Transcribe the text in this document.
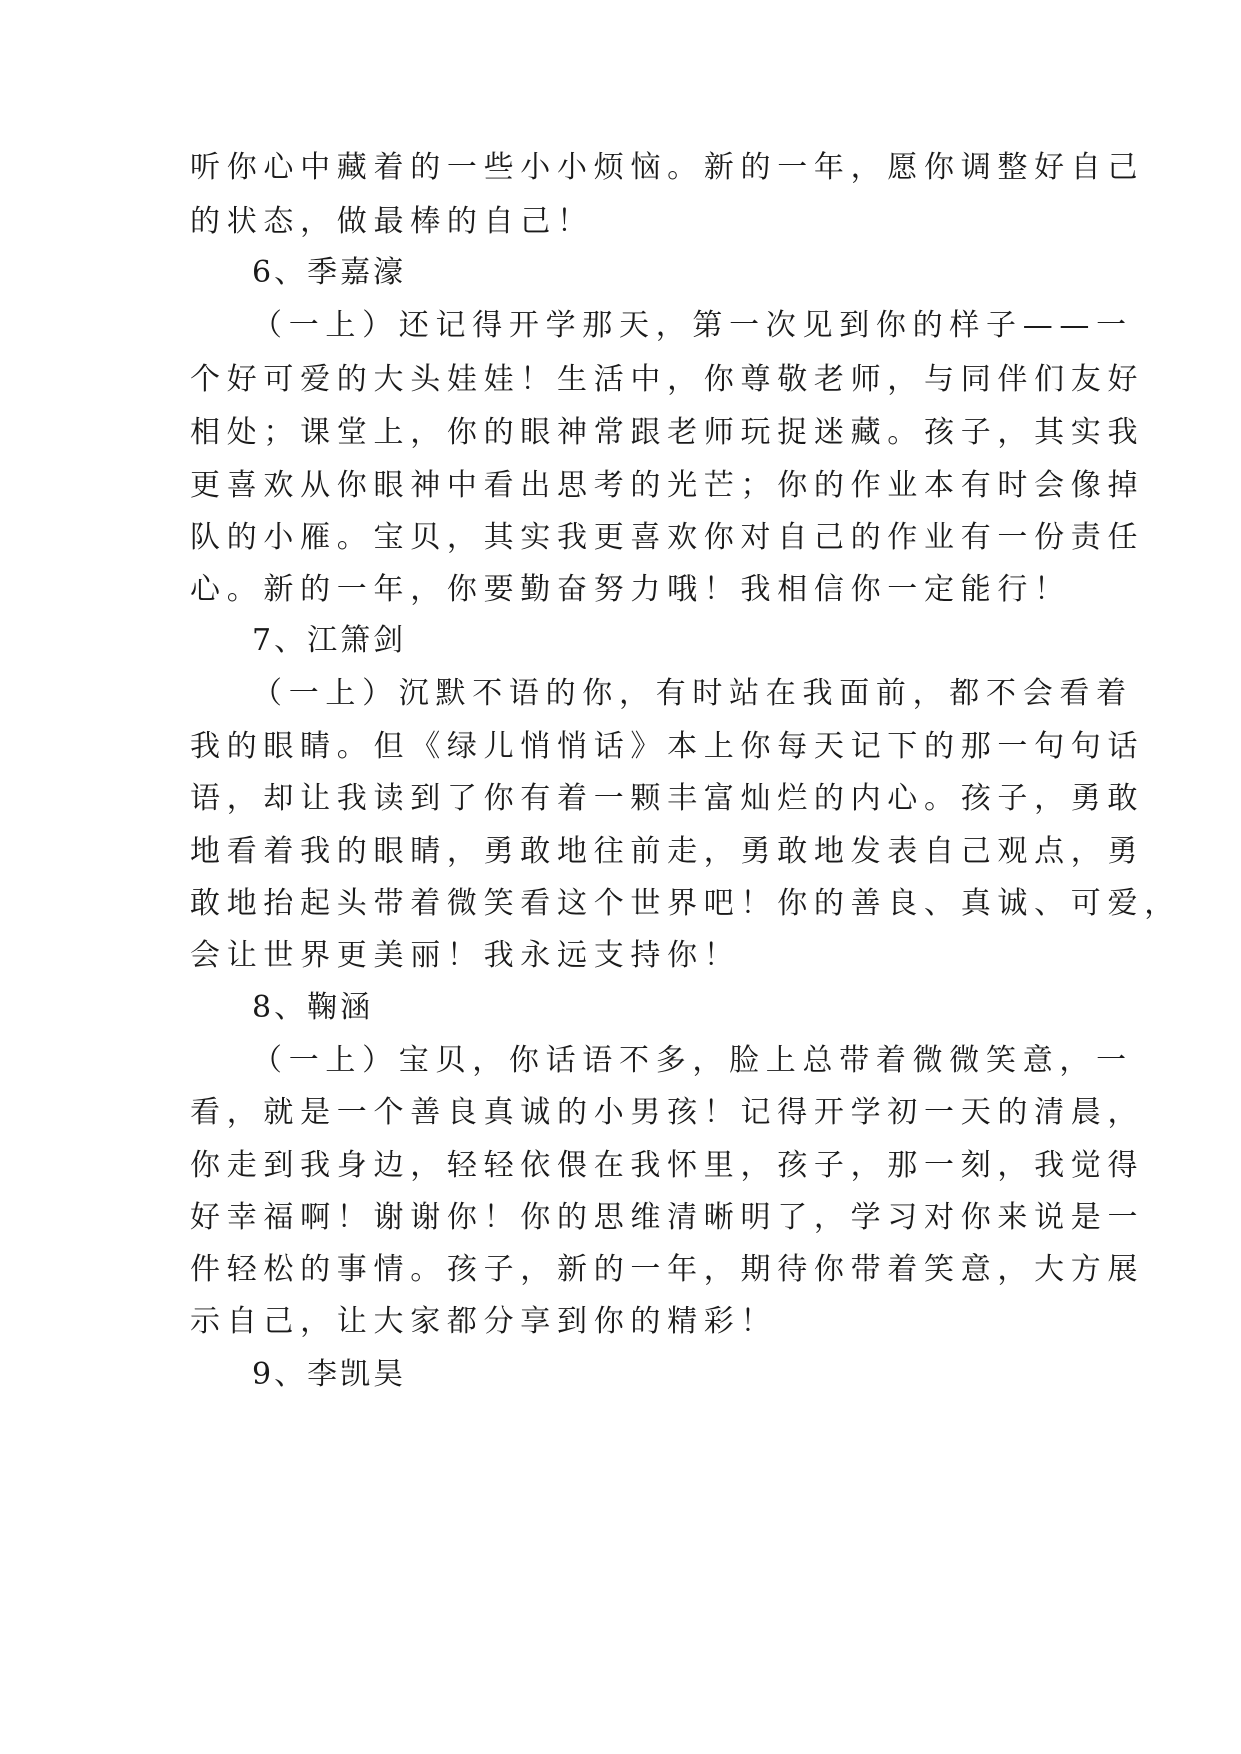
听你心中藏着的一些小小烦恼。新的一年，愿你调整好自己
的状态，做最棒的自己！
6、季嘉濠
（一上）还记得开学那天，第一次见到你的样子——一
个好可爱的大头娃娃！生活中，你尊敬老师，与同伴们友好
相处；课堂上，你的眼神常跟老师玩捉迷藏。孩子，其实我
更喜欢从你眼神中看出思考的光芒；你的作业本有时会像掉
队的小雁。宝贝，其实我更喜欢你对自己的作业有一份责任
心。新的一年，你要勤奋努力哦！我相信你一定能行！
7、江箫剑
（一上）沉默不语的你，有时站在我面前，都不会看着
我的眼睛。但《绿儿悄悄话》本上你每天记下的那一句句话
语，却让我读到了你有着一颗丰富灿烂的内心。孩子，勇敢
地看着我的眼睛，勇敢地往前走，勇敢地发表自己观点，勇
敢地抬起头带着微笑看这个世界吧！你的善良、真诚、可爱，
会让世界更美丽！我永远支持你！
8、鞠涵
（一上）宝贝，你话语不多，脸上总带着微微笑意，一
看，就是一个善良真诚的小男孩！记得开学初一天的清晨，
你走到我身边，轻轻依偎在我怀里，孩子，那一刻，我觉得
好幸福啊！谢谢你！你的思维清晰明了，学习对你来说是一
件轻松的事情。孩子，新的一年，期待你带着笑意，大方展
示自己，让大家都分享到你的精彩！
9、李凯昊
